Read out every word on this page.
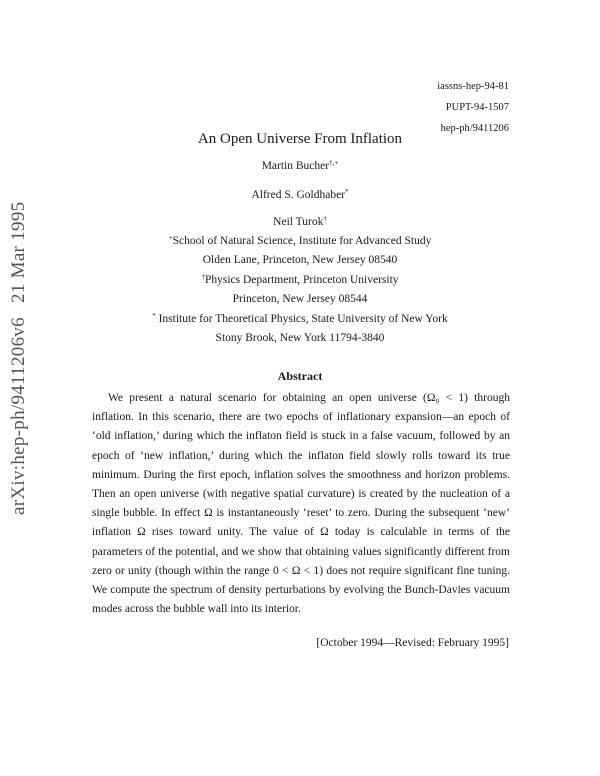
arXiv:hep-ph/9411206v621 Mar 1995
iassns-hep-94-81
PUPT-94-1507
hep-ph/9411206
An Open Universe From Inflation
Martin Bucher†,+
Alfred S. Goldhaber*
Neil Turok†
+School of Natural Science, Institute for Advanced Study
Olden Lane, Princeton, New Jersey 08540
†Physics Department, Princeton University
Princeton, New Jersey 08544
* Institute for Theoretical Physics, State University of New York
Stony Brook, New York 11794-3840
Abstract

We present a natural scenario for obtaining an open universe (Ω₀ < 1) through inflation. In this scenario, there are two epochs of inflationary expansion—an epoch of ‘old inflation,’ during which the inflaton field is stuck in a false vacuum, followed by an epoch of ‘new inflation,’ during which the inflaton field slowly rolls toward its true minimum. During the first epoch, inflation solves the smoothness and horizon problems. Then an open universe (with negative spatial curvature) is created by the nucleation of a single bubble. In effect Ω is instantaneously ‘reset’ to zero. During the subsequent ‘new’ inflation Ω rises toward unity. The value of Ω today is calculable in terms of the parameters of the potential, and we show that obtaining values significantly different from zero or unity (though within the range 0 < Ω < 1) does not require significant fine tuning. We compute the spectrum of density perturbations by evolving the Bunch-Davies vacuum modes across the bubble wall into its interior.

[October 1994—Revised: February 1995]
